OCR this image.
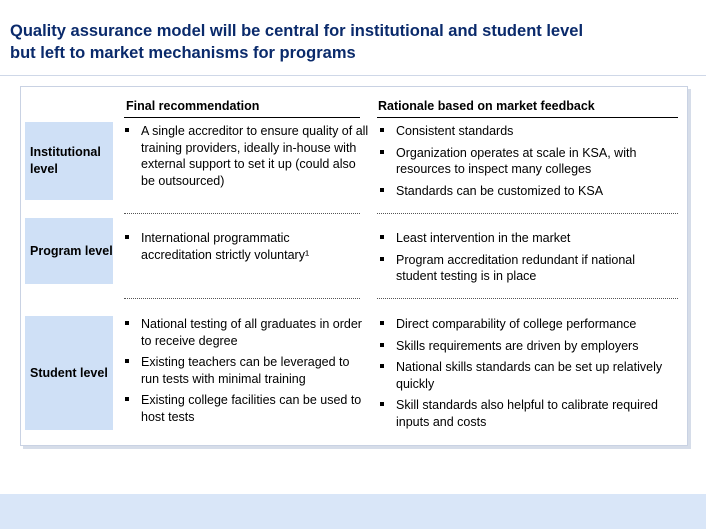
Quality assurance model will be central for institutional and student level
but left to market mechanisms for programs
Final recommendation	Rationale based on market feedback
Institutional level
A single accreditor to ensure quality of all training providers, ideally in-house with external support to set it up (could also be outsourced)
Consistent standards
Organization operates at scale in KSA, with resources to inspect many colleges
Standards can be customized to KSA
Program level
International programmatic accreditation strictly voluntary¹
Least intervention in the market
Program accreditation redundant if national student testing is in place
Student level
National testing of all graduates in order to receive degree
Existing teachers can be leveraged to run tests with minimal training
Existing college facilities can be used to host tests
Direct comparability of college performance
Skills requirements are driven by employers
National skills standards can be set up relatively quickly
Skill standards also helpful to calibrate required inputs and costs
